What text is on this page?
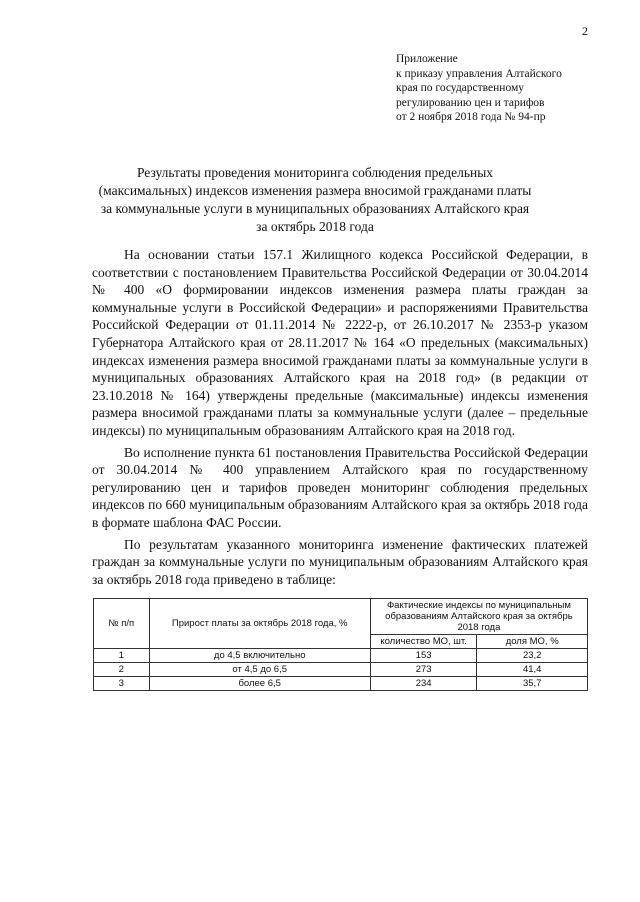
2
Приложение
к приказу управления Алтайского
края по государственному
регулированию цен и тарифов
от 2 ноября 2018 года № 94-пр
Результаты проведения мониторинга соблюдения предельных
(максимальных) индексов изменения размера вносимой гражданами платы
за коммунальные услуги в муниципальных образованиях Алтайского края
за октябрь 2018 года

На основании статьи 157.1 Жилищного кодекса Российской Федерации, в соответствии с постановлением Правительства Российской Федерации от 30.04.2014 № 400 «О формировании индексов изменения размера платы граждан за коммунальные услуги в Российской Федерации» и распоряжениями Правительства Российской Федерации от 01.11.2014 № 2222-р, от 26.10.2017 № 2353-р указом Губернатора Алтайского края от 28.11.2017 № 164 «О предельных (максимальных) индексах изменения размера вносимой гражданами платы за коммунальные услуги в муниципальных образованиях Алтайского края на 2018 год» (в редакции от 23.10.2018 № 164) утверждены предельные (максимальные) индексы изменения размера вносимой гражданами платы за коммунальные услуги (далее – предельные индексы) по муниципальным образованиям Алтайского края на 2018 год.

Во исполнение пункта 61 постановления Правительства Российской Федерации от 30.04.2014 № 400 управлением Алтайского края по государственному регулированию цен и тарифов проведен мониторинг соблюдения предельных индексов по 660 муниципальным образованиям Алтайского края за октябрь 2018 года в формате шаблона ФАС России.

По результатам указанного мониторинга изменение фактических платежей граждан за коммунальные услуги по муниципальным образованиям Алтайского края за октябрь 2018 года приведено в таблице:

№ п/п	Прирост платы за октябрь 2018 года, %	Фактические индексы по муниципальным образованиям Алтайского края за октябрь 2018 года	
		количество МО, шт.	доля МО, %
1	до 4,5 включительно	153	23,2
2	от 4,5 до 6,5	273	41,4
3	более 6,5	234	35,7
